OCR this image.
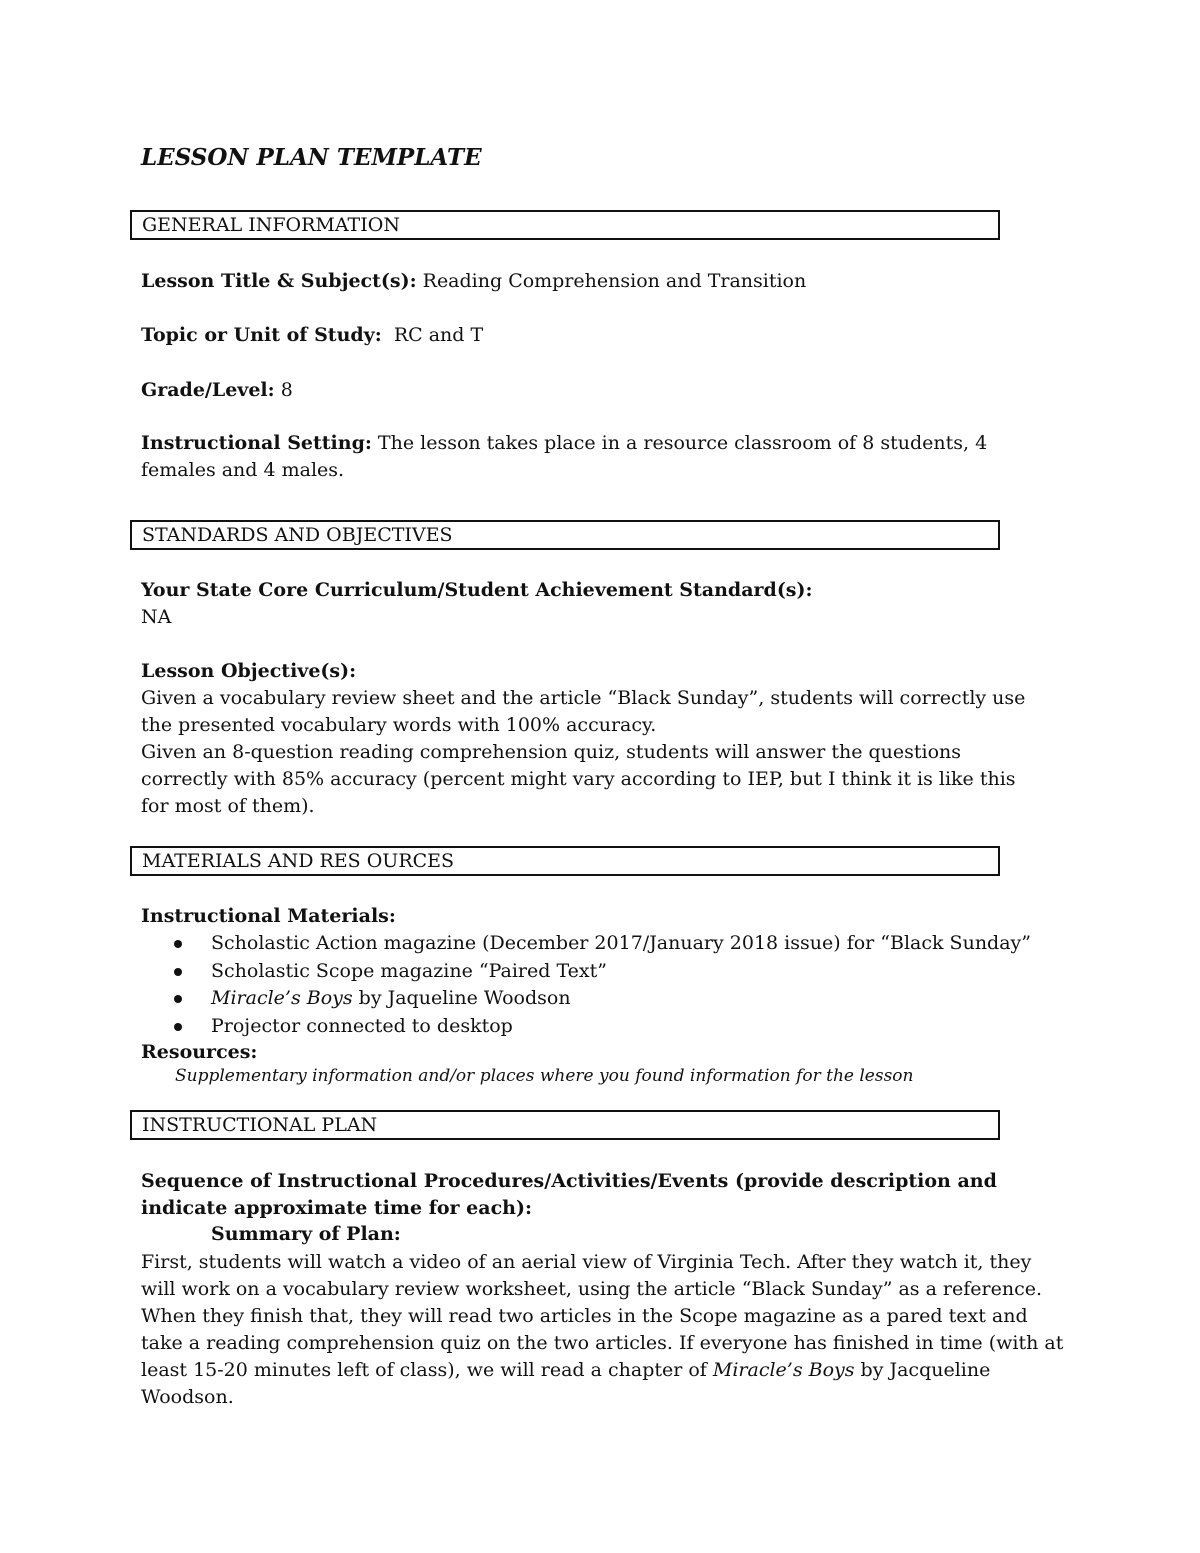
LESSON PLAN TEMPLATE
GENERAL INFORMATION
Lesson Title & Subject(s): Reading Comprehension and Transition
Topic or Unit of Study:  RC and T
Grade/Level: 8
Instructional Setting: The lesson takes place in a resource classroom of 8 students, 4 females and 4 males.
STANDARDS AND OBJECTIVES
Your State Core Curriculum/Student Achievement Standard(s):
NA
Lesson Objective(s):
Given a vocabulary review sheet and the article “Black Sunday”, students will correctly use the presented vocabulary words with 100% accuracy.
Given an 8-question reading comprehension quiz, students will answer the questions correctly with 85% accuracy (percent might vary according to IEP, but I think it is like this for most of them).
MATERIALS AND RES OURCES
Instructional Materials:
Scholastic Action magazine (December 2017/January 2018 issue) for “Black Sunday”
Scholastic Scope magazine “Paired Text”
Miracle’s Boys by Jaqueline Woodson
Projector connected to desktop
Resources:
Supplementary information and/or places where you found information for the lesson
INSTRUCTIONAL PLAN
Sequence of Instructional Procedures/Activities/Events (provide description and indicate approximate time for each):
Summary of Plan:
First, students will watch a video of an aerial view of Virginia Tech. After they watch it, they will work on a vocabulary review worksheet, using the article “Black Sunday” as a reference. When they finish that, they will read two articles in the Scope magazine as a pared text and take a reading comprehension quiz on the two articles. If everyone has finished in time (with at least 15-20 minutes left of class), we will read a chapter of Miracle’s Boys by Jacqueline Woodson.
